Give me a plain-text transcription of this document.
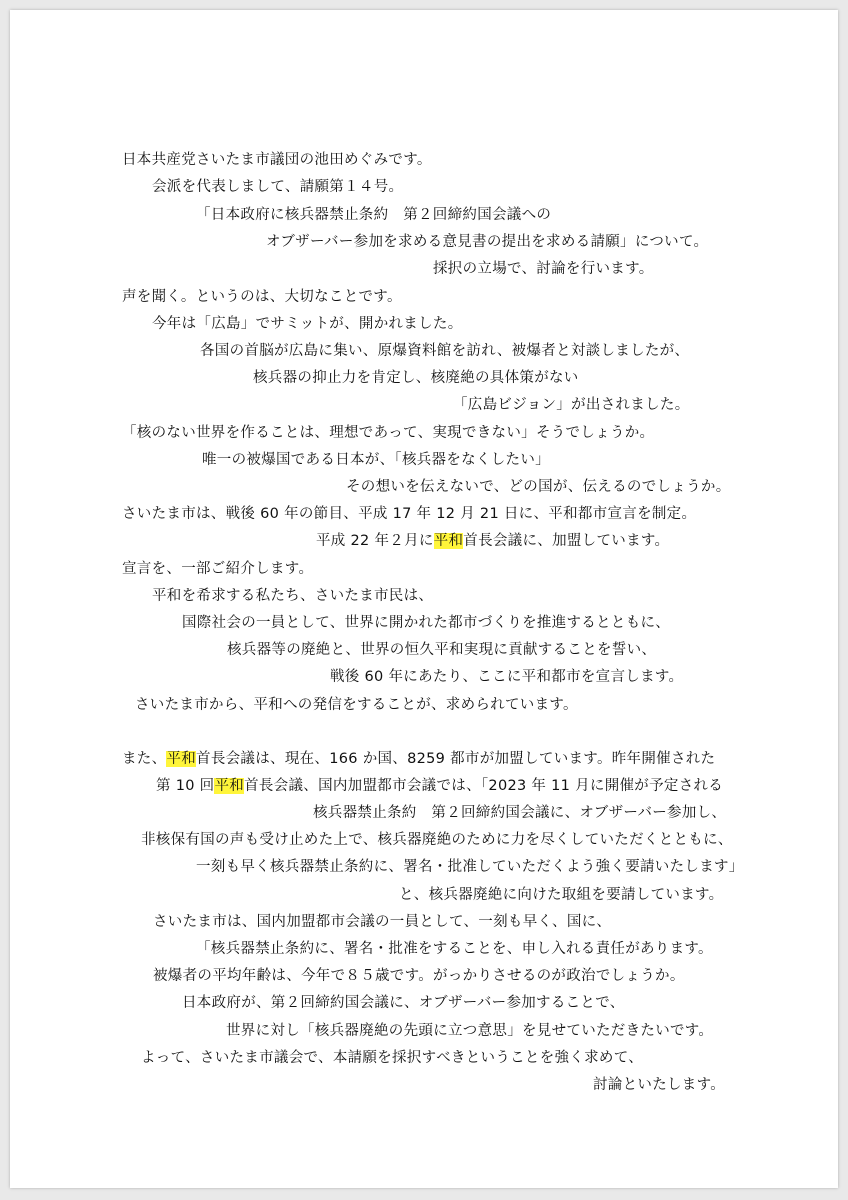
日本共産党さいたま市議団の池田めぐみです。
会派を代表しまして、請願第１４号。
「日本政府に核兵器禁止条約　第２回締約国会議への
オブザーバー参加を求める意見書の提出を求める請願」について。
採択の立場で、討論を行います。
声を聞く。というのは、大切なことです。
今年は「広島」でサミットが、開かれました。
各国の首脳が広島に集い、原爆資料館を訪れ、被爆者と対談しましたが、
核兵器の抑止力を肯定し、核廃絶の具体策がない
「広島ビジョン」が出されました。
「核のない世界を作ることは、理想であって、実現できない」そうでしょうか。
唯一の被爆国である日本が、「核兵器をなくしたい」
その想いを伝えないで、どの国が、伝えるのでしょうか。
さいたま市は、戦後 60 年の節目、平成 17 年 12 月 21 日に、平和都市宣言を制定。
平成 22 年２月に平和首長会議に、加盟しています。
宣言を、一部ご紹介します。
平和を希求する私たち、さいたま市民は、
国際社会の一員として、世界に開かれた都市づくりを推進するとともに、
核兵器等の廃絶と、世界の恒久平和実現に貢献することを誓い、
戦後 60 年にあたり、ここに平和都市を宣言します。
さいたま市から、平和への発信をすることが、求められています。
また、平和首長会議は、現在、166 か国、8259 都市が加盟しています。昨年開催された
第 10 回平和首長会議、国内加盟都市会議では、「2023 年 11 月に開催が予定される
核兵器禁止条約　第２回締約国会議に、オブザーバー参加し、
非核保有国の声も受け止めた上で、核兵器廃絶のために力を尽くしていただくとともに、
一刻も早く核兵器禁止条約に、署名・批准していただくよう強く要請いたします」
と、核兵器廃絶に向けた取組を要請しています。
さいたま市は、国内加盟都市会議の一員として、一刻も早く、国に、
「核兵器禁止条約に、署名・批准をすることを、申し入れる責任があります。
被爆者の平均年齢は、今年で８５歳です。がっかりさせるのが政治でしょうか。
日本政府が、第２回締約国会議に、オブザーバー参加することで、
世界に対し「核兵器廃絶の先頭に立つ意思」を見せていただきたいです。
よって、さいたま市議会で、本請願を採択すべきということを強く求めて、
討論といたします。
